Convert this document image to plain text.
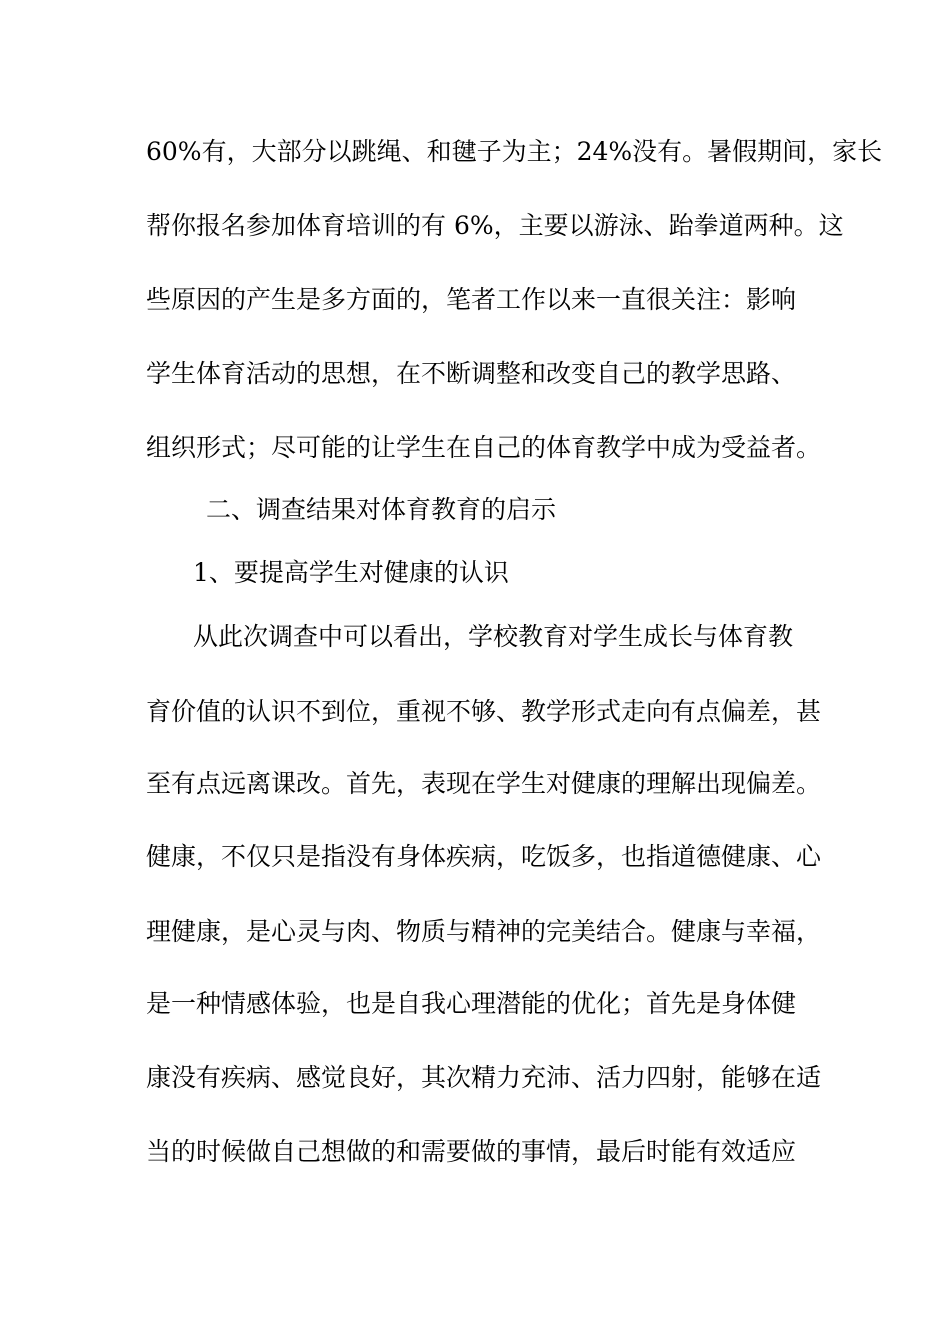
60%有，大部分以跳绳、和毽子为主；24%没有。暑假期间，家长
帮你报名参加体育培训的有 6%，主要以游泳、跆拳道两种。这
些原因的产生是多方面的，笔者工作以来一直很关注：影响
学生体育活动的思想，在不断调整和改变自己的教学思路、
组织形式；尽可能的让学生在自己的体育教学中成为受益者。
二、调查结果对体育教育的启示
1、要提高学生对健康的认识
从此次调查中可以看出，学校教育对学生成长与体育教
育价值的认识不到位，重视不够、教学形式走向有点偏差，甚
至有点远离课改。首先，表现在学生对健康的理解出现偏差。
健康，不仅只是指没有身体疾病，吃饭多，也指道德健康、心
理健康，是心灵与肉、物质与精神的完美结合。健康与幸福，
是一种情感体验，也是自我心理潜能的优化；首先是身体健
康没有疾病、感觉良好，其次精力充沛、活力四射，能够在适
当的时候做自己想做的和需要做的事情，最后时能有效适应
